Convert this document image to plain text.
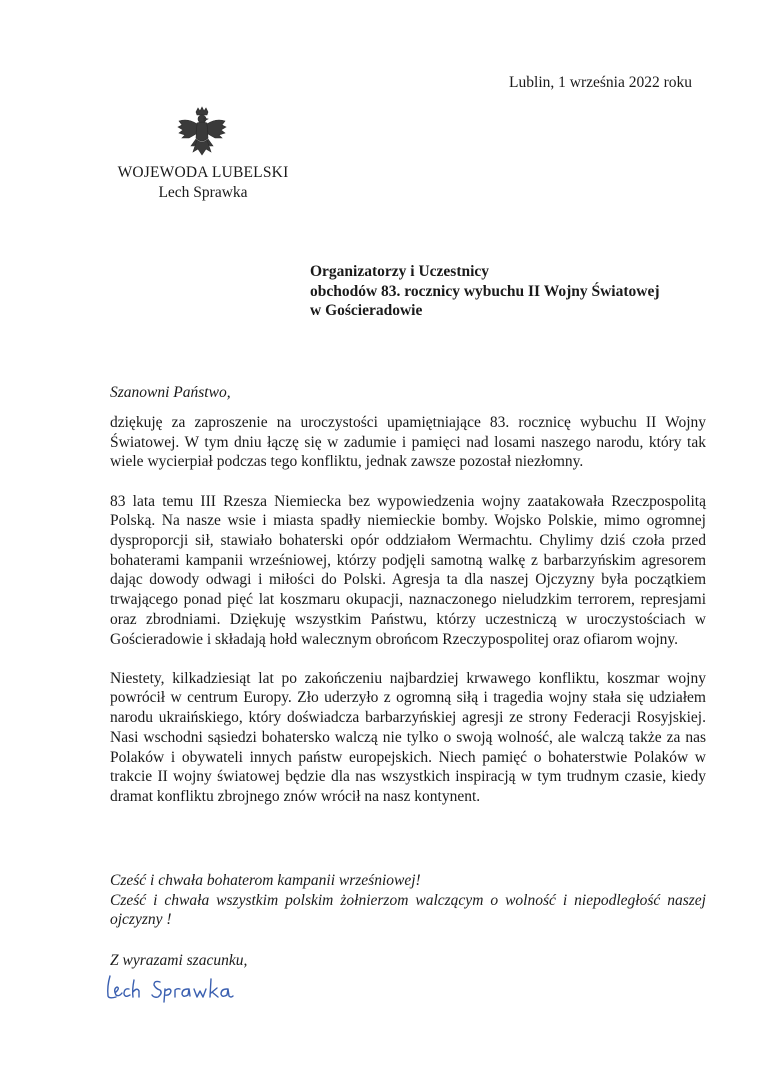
Lublin, 1 września 2022 roku
WOJEWODA LUBELSKI
Lech Sprawka
Organizatorzy i Uczestnicy
obchodów 83. rocznicy wybuchu II Wojny Światowej
w Gościeradowie
Szanowni Państwo,

dziękuję za zaproszenie na uroczystości upamiętniające 83. rocznicę wybuchu II Wojny Światowej. W tym dniu łączę się w zadumie i pamięci nad losami naszego narodu, który tak wiele wycierpiał podczas tego konfliktu, jednak zawsze pozostał niezłomny.

83 lata temu III Rzesza Niemiecka bez wypowiedzenia wojny zaatakowała Rzeczpospolitą Polską. Na nasze wsie i miasta spadły niemieckie bomby. Wojsko Polskie, mimo ogromnej dysproporcji sił, stawiało bohaterski opór oddziałom Wermachtu. Chylimy dziś czoła przed bohaterami kampanii wrześniowej, którzy podjęli samotną walkę z barbarzyńskim agresorem dając dowody odwagi i miłości do Polski. Agresja ta dla naszej Ojczyzny była początkiem trwającego ponad pięć lat koszmaru okupacji, naznaczonego nieludzkim terrorem, represjami oraz zbrodniami. Dziękuję wszystkim Państwu, którzy uczestniczą w uroczystościach w Gościeradowie i składają hołd walecznym obrońcom Rzeczypospolitej oraz ofiarom wojny.

Niestety, kilkadziesiąt lat po zakończeniu najbardziej krwawego konfliktu, koszmar wojny powrócił w centrum Europy. Zło uderzyło z ogromną siłą i tragedia wojny stała się udziałem narodu ukraińskiego, który doświadcza barbarzyńskiej agresji ze strony Federacji Rosyjskiej. Nasi wschodni sąsiedzi bohatersko walczą nie tylko o swoją wolność, ale walczą także za nas Polaków i obywateli innych państw europejskich. Niech pamięć o bohaterstwie Polaków w trakcie II wojny światowej będzie dla nas wszystkich inspiracją w tym trudnym czasie, kiedy dramat konfliktu zbrojnego znów wrócił na nasz kontynent.

Cześć i chwała bohaterom kampanii wrześniowej!

Cześć i chwała wszystkim polskim żołnierzom walczącym o wolność i niepodległość naszej ojczyzny !

Z wyrazami szacunku,
